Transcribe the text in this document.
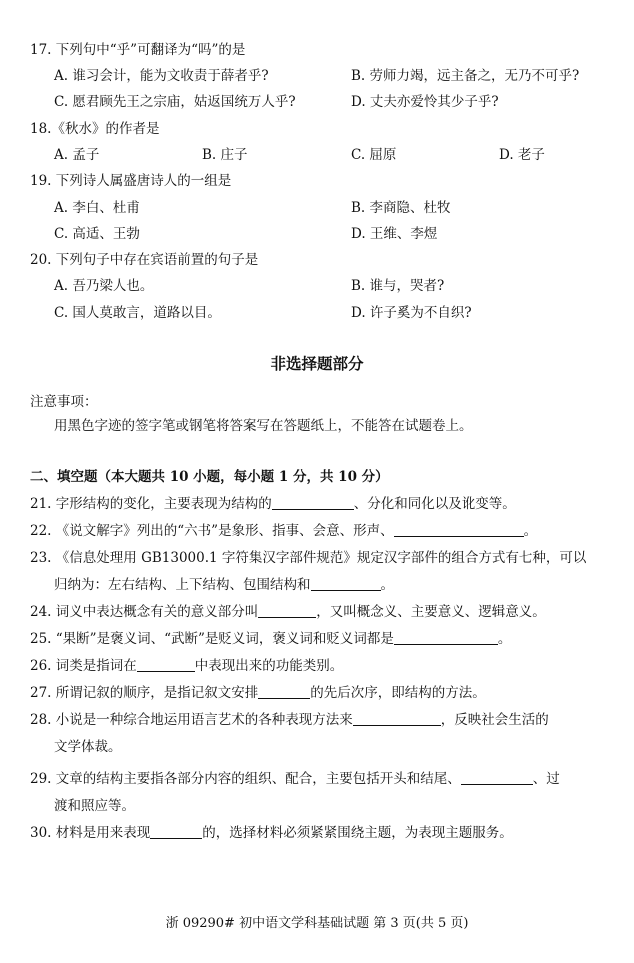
17. 下列句中“乎”可翻译为“吗”的是
A. 谁习会计，能为文收责于薛者乎?	B. 劳师力竭，远主备之，无乃不可乎?
C. 愿君顾先王之宗庙，姑返国统万人乎?	D. 丈夫亦爱怜其少子乎?
18.《秋水》的作者是
A. 孟子	B. 庄子	C. 屈原	D. 老子
19. 下列诗人属盛唐诗人的一组是
A. 李白、杜甫	B. 李商隐、杜牧
C. 高适、王勃	D. 王维、李煜
20. 下列句子中存在宾语前置的句子是
A. 吾乃梁人也。	B. 谁与，哭者?
C. 国人莫敢言，道路以目。	D. 许子奚为不自织?
非选择题部分
注意事项：
用黑色字迹的签字笔或钢笔将答案写在答题纸上，不能答在试题卷上。
二、填空题（本大题共 10 小题，每小题 1 分，共 10 分）
21. 字形结构的变化，主要表现为结构的	、分化和同化以及讹变等。
22. 《说文解字》列出的“六书”是象形、指事、会意、形声、	。
23. 《信息处理用 GB13000.1 字符集汉字部件规范》规定汉字部件的组合方式有七种，可以
归纳为：左右结构、上下结构、包围结构和	。
24. 词义中表达概念有关的意义部分叫	，又叫概念义、主要意义、逻辑意义。
25. “果断”是褒义词、“武断”是贬义词，褒义词和贬义词都是	。
26. 词类是指词在	中表现出来的功能类别。
27. 所谓记叙的顺序，是指记叙文安排	的先后次序，即结构的方法。
28. 小说是一种综合地运用语言艺术的各种表现方法来	，反映社会生活的
文学体裁。
29. 文章的结构主要指各部分内容的组织、配合，主要包括开头和结尾、	、过
渡和照应等。
30. 材料是用来表现	的，选择材料必须紧紧围绕主题，为表现主题服务。
浙 09290# 初中语文学科基础试题 第 3 页(共 5 页)
